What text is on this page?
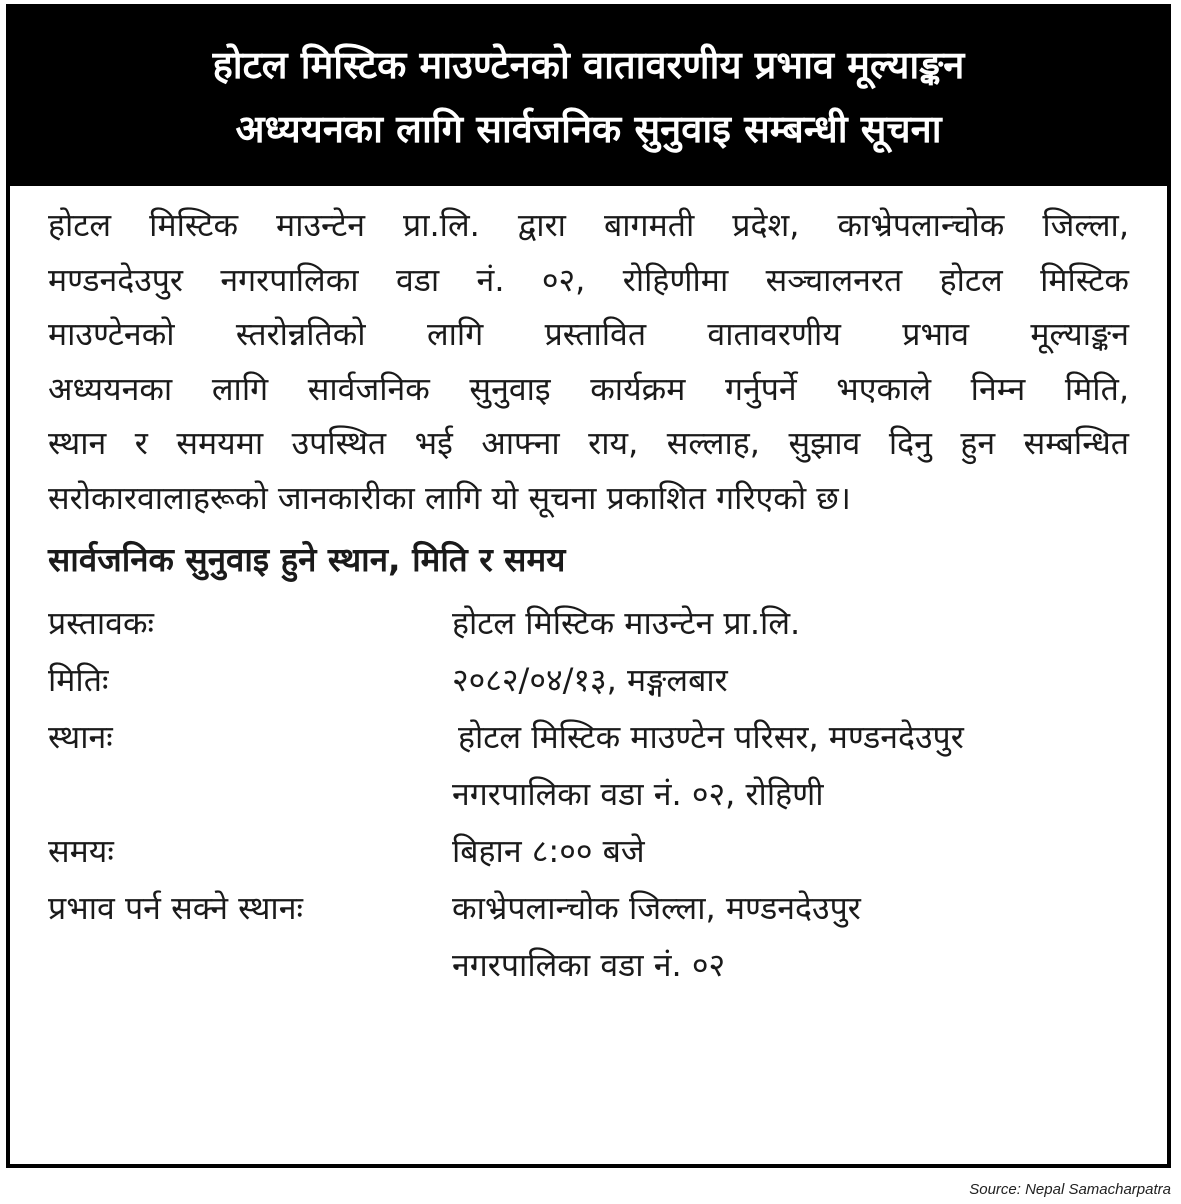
होटल मिस्टिक माउण्टेनको वातावरणीय प्रभाव मूल्याङ्कन
अध्ययनका लागि सार्वजनिक सुनुवाइ सम्बन्धी सूचना
होटल मिस्टिक माउन्टेन प्रा.लि. द्वारा बागमती प्रदेश, काभ्रेपलान्चोक जिल्ला,
मण्डनदेउपुर नगरपालिका वडा नं. ०२, रोहिणीमा सञ्चालनरत होटल मिस्टिक
माउण्टेनको स्तरोन्नतिको लागि प्रस्तावित वातावरणीय प्रभाव मूल्याङ्कन
अध्ययनका लागि सार्वजनिक सुनुवाइ कार्यक्रम गर्नुपर्ने भएकाले निम्न मिति,
स्थान र समयमा उपस्थित भई आफ्ना राय, सल्लाह, सुझाव दिनु हुन सम्बन्धित
सरोकारवालाहरूको जानकारीका लागि यो सूचना प्रकाशित गरिएको छ।
सार्वजनिक सुनुवाइ हुने स्थान, मिति र समय
प्रस्तावकः	होटल मिस्टिक माउन्टेन प्रा.लि.
मितिः	२०८२/०४/१३, मङ्गलबार
स्थानः	होटल मिस्टिक माउण्टेन परिसर, मण्डनदेउपुर
नगरपालिका वडा नं. ०२, रोहिणी
समयः	बिहान ८:०० बजे
प्रभाव पर्न सक्ने स्थानः	काभ्रेपलान्चोक जिल्ला, मण्डनदेउपुर
नगरपालिका वडा नं. ०२
Source: Nepal Samacharpatra
